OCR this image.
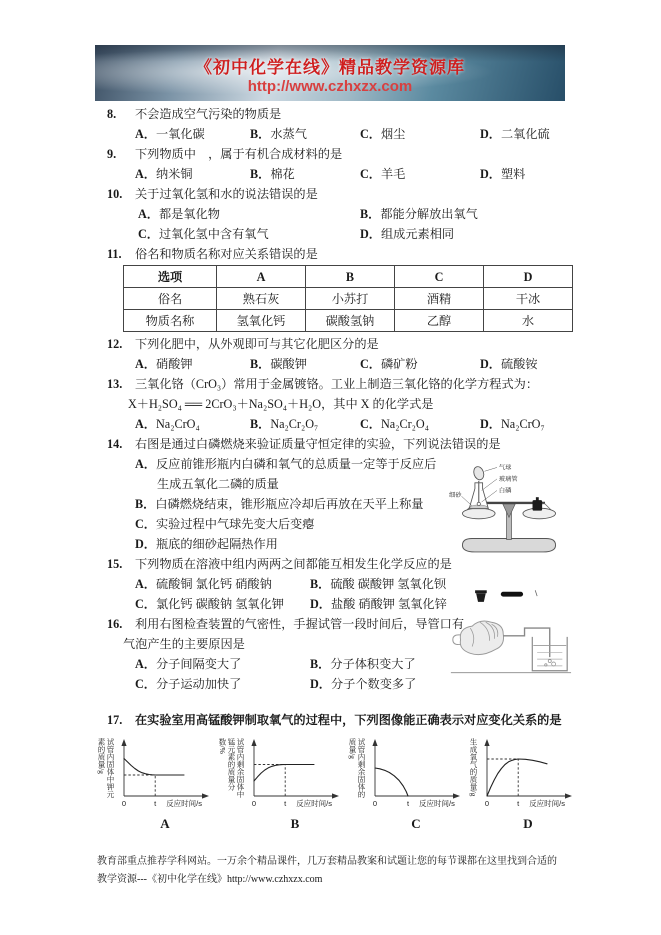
《初中化学在线》精品教学资源库
http://www.czhxzx.com
8. 不会造成空气污染的物质是
A．一氧化碳	B．水蒸气	C．烟尘	D．二氧化硫
9. 下列物质中　，属于有机合成材料的是
A．纳米铜	B．棉花	C．羊毛	D．塑料
10. 关于过氧化氢和水的说法错误的是
A．都是氧化物	B．都能分解放出氧气
C．过氧化氢中含有氧气	D．组成元素相同
11. 俗名和物质名称对应关系错误的是
选项	A	B	C	D
俗名	熟石灰	小苏打	酒精	干冰
物质名称	氢氧化钙	碳酸氢钠	乙醇	水
12. 下列化肥中，从外观即可与其它化肥区分的是
A．硝酸钾	B．碳酸钾	C．磷矿粉	D．硫酸铵
13. 三氧化铬（CrO₃）常用于金属镀铬。工业上制造三氧化铬的化学方程式为：
X＋H₂SO₄ ══ 2CrO₃＋Na₂SO₄＋H₂O，其中 X 的化学式是
A．Na₂CrO₄	B．Na₂Cr₂O₇	C．Na₂Cr₂O₄	D．Na₂CrO₇
14. 右图是通过白磷燃烧来验证质量守恒定律的实验，下列说法错误的是
A．反应前锥形瓶内白磷和氧气的总质量一定等于反应后
生成五氧化二磷的质量
B．白磷燃烧结束，锥形瓶应冷却后再放在天平上称量
C．实验过程中气球先变大后变瘪
D．瓶底的细砂起隔热作用
气球
玻璃管
白磷
细砂
15. 下列物质在溶液中组内两两之间都能互相发生化学反应的是
A．硫酸铜 氯化钙 硝酸钠	B．硫酸 碳酸钾 氢氧化钡
C．氯化钙 碳酸钠 氢氧化钾	D．盐酸 硝酸钾 氢氧化锌
16. 利用右图检查装置的气密性，手握试管一段时间后，导管口有
气泡产生的主要原因是
A．分子间隔变大了	B．分子体积变大了
C．分子运动加快了	D．分子个数变多了
17. 在实验室用高锰酸钾制取氧气的过程中，下列图像能正确表示对应变化关系的是
试管内固体中钾元素的质量/g
0	t 反应时间/s
A
试管内剩余固体中锰元素的质量分数/%
0	t 反应时间/s
B
试管内剩余固体的质量/g
0	t 反应时间/s
C
生成氧气的质量/g
0	t 反应时间/s
D
教育部重点推荐学科网站。一万余个精品课件，几万套精品教案和试题让您的每节课都在这里找到合适的
教学资源---《初中化学在线》http://www.czhxzx.com
